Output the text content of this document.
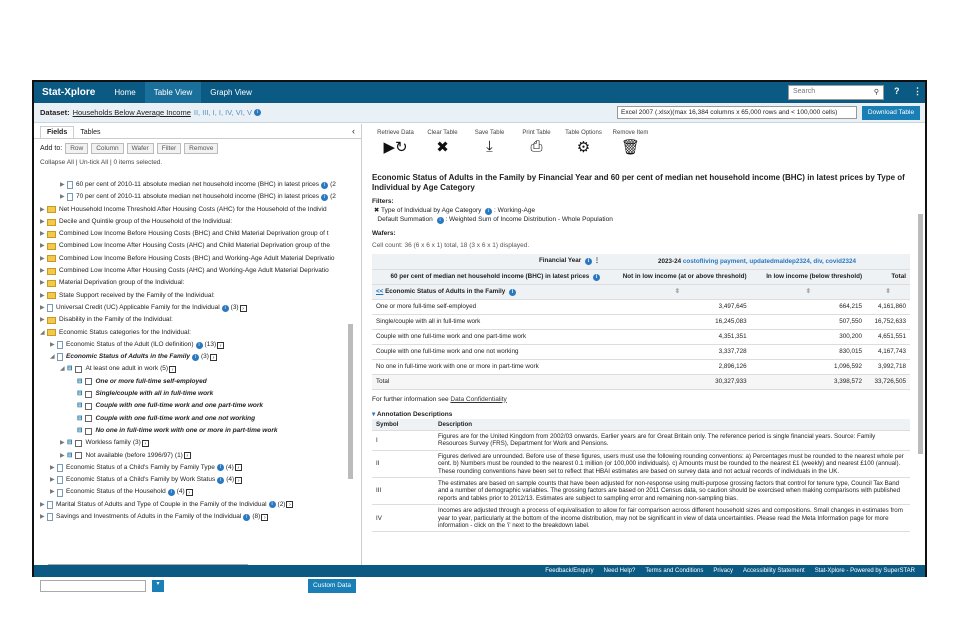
Stat-Xplore	Home	Table View	Graph View	Search	⚲ ? ⋮
Dataset: Households Below Average Income II, III, I, I, IV, VI, V i	Excel 2007 (.xlsx)(max 16,384 columns x 65,000 rows and < 100,000 cells)	Download Table
Fields	Tables	‹
Add to:	Row	Column	Wafer	Filter	Remove
Collapse All | Un-tick All | 0 items selected.
▶	60 per cent of 2010-11 absolute median net household income (BHC) in latest prices i (2
▶	70 per cent of 2010-11 absolute median net household income (BHC) in latest prices i (2
▶	Net Household Income Threshold After Housing Costs (AHC) for the Household of the Individ
▶	Decile and Quintile group of the Household of the Individual:
▶	Combined Low Income Before Housing Costs (BHC) and Child Material Deprivation group of t
▶	Combined Low Income After Housing Costs (AHC) and Child Material Deprivation group of the
▶	Combined Low Income Before Housing Costs (BHC) and Working-Age Adult Material Deprivatio
▶	Combined Low Income After Housing Costs (AHC) and Working-Age Adult Material Deprivatio
▶	Material Deprivation group of the Individual:
▶	State Support received by the Family of the Individual:
▶	Universal Credit (UC) Applicable Family for the Individual i (3) ›
▶	Disability in the Family of the Individual:
◢	Economic Status categories for the Individual:
▶	Economic Status of the Adult (ILO definition) i (13) ›
◢	Economic Status of Adults in the Family i (3) ›
◢ ⊟ At least one adult in work (5) ›
⊟ One or more full-time self-employed
⊟ Single/couple with all in full-time work
⊟ Couple with one full-time work and one part-time work
⊟ Couple with one full-time work and one not working
⊟ No one in full-time work with one or more in part-time work
▶ ⊟ Workless family (3) ›
▶ ⊟ Not available (before 1996/97) (1) ›
▶	Economic Status of a Child's Family by Family Type i (4) ›
▶	Economic Status of a Child's Family by Work Status i (4) ›
▶	Economic Status of the Household i (4) ›
▶	Marital Status of Adults and Type of Couple in the Family of the Individual i (2) ›
▶	Savings and Investments of Adults in the Family of the Individual i (8) ›
▾	Custom Data
Retrieve Data
▶↻
Clear Table
✖
Save Table
⤓
Print Table
⎙
Table Options
⚙
Remove Item
🗑
Economic Status of Adults in the Family by Financial Year and 60 per cent of median net household income (BHC) in latest prices by Type of Individual by Age Category
Filters:
✖ Type of Individual by Age Category i : Working-Age
Default Summation i : Weighted Sum of Income Distribution - Whole Population
Wafers:
Cell count: 36 (6 x 6 x 1) total, 18 (3 x 6 x 1) displayed.
Financial Year i ⋮	2023-24 costofliving payment, updatedmaldep2324, div, covid2324		
60 per cent of median net household income (BHC) in latest prices i	Not in low income (at or above threshold)	In low income (below threshold)	Total
<< Economic Status of Adults in the Family i	⬍	⬍	⬍
One or more full-time self-employed	3,497,645	664,215	4,161,860
Single/couple with all in full-time work	16,245,083	507,550	16,752,633
Couple with one full-time work and one part-time work	4,351,351	300,200	4,651,551
Couple with one full-time work and one not working	3,337,728	830,015	4,167,743
No one in full-time work with one or more in part-time work	2,896,126	1,096,592	3,992,718
Total	30,327,933	3,398,572	33,726,505
For further information see Data Confidentiality
▾ Annotation Descriptions
Symbol	Description
I	Figures are for the United Kingdom from 2002/03 onwards. Earlier years are for Great Britain only. The reference period is single financial years. Source: Family Resources Survey (FRS), Department for Work and Pensions.
II	Figures derived are unrounded. Before use of these figures, users must use the following rounding conventions: a) Percentages must be rounded to the nearest whole per cent. b) Numbers must be rounded to the nearest 0.1 million (or 100,000 individuals). c) Amounts must be rounded to the nearest £1 (weekly) and nearest £100 (annual). These rounding conventions have been set to reflect that HBAI estimates are based on survey data and not actual records of individuals in the UK.
III	The estimates are based on sample counts that have been adjusted for non-response using multi-purpose grossing factors that control for tenure type, Council Tax Band and a number of demographic variables. The grossing factors are based on 2011 Census data, so caution should be exercised when making comparisons with published reports and tables prior to 2012/13. Estimates are subject to sampling error and remaining non-sampling bias.
IV	Incomes are adjusted through a process of equivalisation to allow for fair comparison across different household sizes and compositions. Small changes in estimates from year to year, particularly at the bottom of the income distribution, may not be significant in view of data uncertainties. Please read the Meta Information page for more information - click on the 'i' next to the breakdown label.
Feedback/Enquiry Need Help? Terms and Conditions Privacy Accessibility Statement Stat-Xplore - Powered by SuperSTAR
